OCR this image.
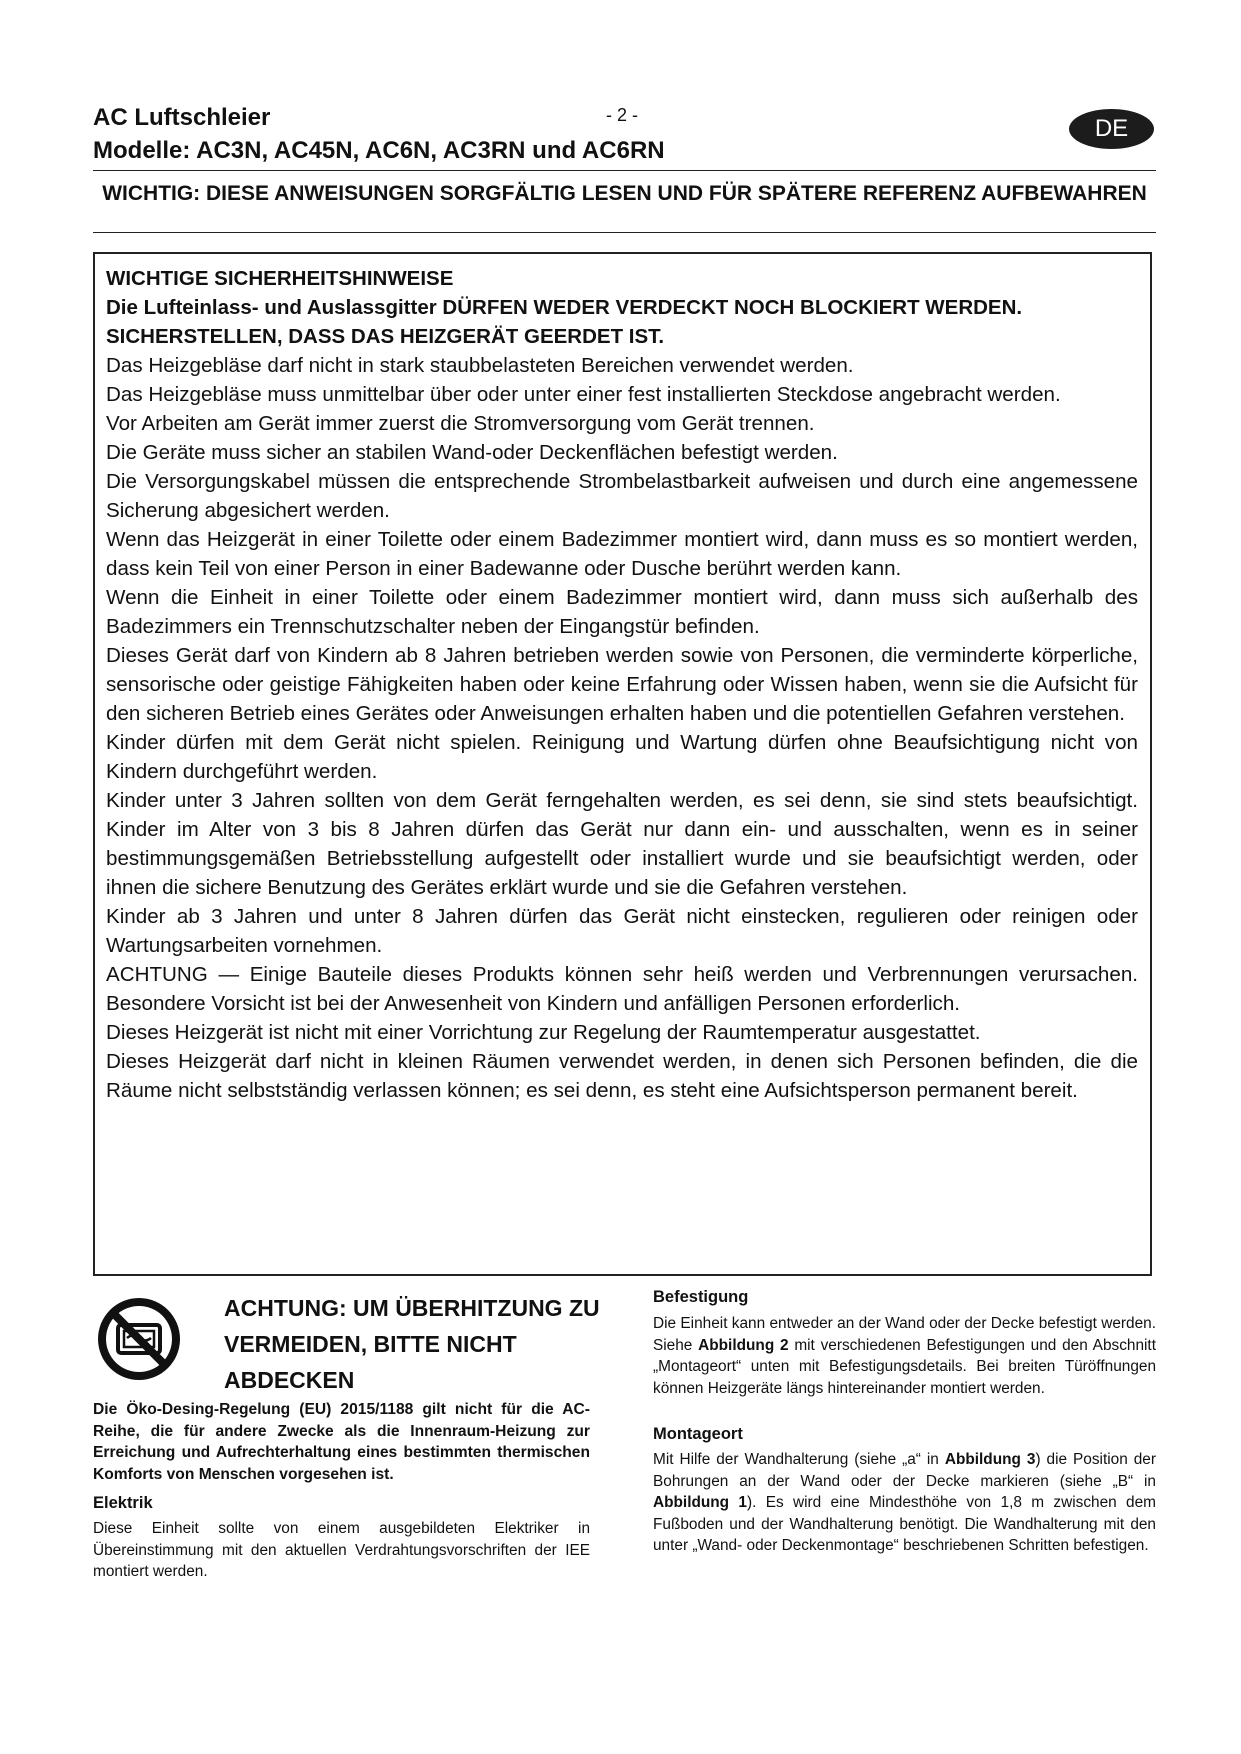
AC Luftschleier
Modelle: AC3N, AC45N, AC6N, AC3RN und AC6RN
- 2 -	DE
WICHTIG: DIESE ANWEISUNGEN SORGFÄLTIG LESEN UND FÜR SPÄTERE REFERENZ AUFBEWAHREN
WICHTIGE SICHERHEITSHINWEISE
Die Lufteinlass- und Auslassgitter DÜRFEN WEDER VERDECKT NOCH BLOCKIERT WERDEN.
SICHERSTELLEN, DASS DAS HEIZGERÄT GEERDET IST.
Das Heizgebläse darf nicht in stark staubbelasteten Bereichen verwendet werden.
Das Heizgebläse muss unmittelbar über oder unter einer fest installierten Steckdose angebracht werden.
Vor Arbeiten am Gerät immer zuerst die Stromversorgung vom Gerät trennen.
Die Geräte muss sicher an stabilen Wand-oder Deckenflächen befestigt werden.
Die Versorgungskabel müssen die entsprechende Strombelastbarkeit aufweisen und durch eine angemessene Sicherung abgesichert werden.
Wenn das Heizgerät in einer Toilette oder einem Badezimmer montiert wird, dann muss es so montiert werden, dass kein Teil von einer Person in einer Badewanne oder Dusche berührt werden kann.
Wenn die Einheit in einer Toilette oder einem Badezimmer montiert wird, dann muss sich außerhalb des Badezimmers ein Trennschutzschalter neben der Eingangstür befinden.
Dieses Gerät darf von Kindern ab 8 Jahren betrieben werden sowie von Personen, die verminderte körperliche, sensorische oder geistige Fähigkeiten haben oder keine Erfahrung oder Wissen haben, wenn sie die Aufsicht für den sicheren Betrieb eines Gerätes oder Anweisungen erhalten haben und die potentiellen Gefahren verstehen.
Kinder dürfen mit dem Gerät nicht spielen. Reinigung und Wartung dürfen ohne Beaufsichtigung nicht von Kindern durchgeführt werden.
Kinder unter 3 Jahren sollten von dem Gerät ferngehalten werden, es sei denn, sie sind stets beaufsichtigt. Kinder im Alter von 3 bis 8 Jahren dürfen das Gerät nur dann ein- und ausschalten, wenn es in seiner bestimmungsgemäßen Betriebsstellung aufgestellt oder installiert wurde und sie beaufsichtigt werden, oder ihnen die sichere Benutzung des Gerätes erklärt wurde und sie die Gefahren verstehen.
Kinder ab 3 Jahren und unter 8 Jahren dürfen das Gerät nicht einstecken, regulieren oder reinigen oder Wartungsarbeiten vornehmen.
ACHTUNG — Einige Bauteile dieses Produkts können sehr heiß werden und Verbrennungen verursachen. Besondere Vorsicht ist bei der Anwesenheit von Kindern und anfälligen Personen erforderlich.
Dieses Heizgerät ist nicht mit einer Vorrichtung zur Regelung der Raumtemperatur ausgestattet.
Dieses Heizgerät darf nicht in kleinen Räumen verwendet werden, in denen sich Personen befinden, die die Räume nicht selbstständig verlassen können; es sei denn, es steht eine Aufsichtsperson permanent bereit.
ACHTUNG: UM ÜBERHITZUNG ZU VERMEIDEN, BITTE NICHT ABDECKEN
Die Öko-Desing-Regelung (EU) 2015/1188 gilt nicht für die AC-Reihe, die für andere Zwecke als die Innenraum-Heizung zur Erreichung und Aufrechterhaltung eines bestimmten thermischen Komforts von Menschen vorgesehen ist.
Elektrik
Diese Einheit sollte von einem ausgebildeten Elektriker in Übereinstimmung mit den aktuellen Verdrahtungsvorschriften der IEE montiert werden.
Befestigung
Die Einheit kann entweder an der Wand oder der Decke befestigt werden. Siehe Abbildung 2 mit verschiedenen Befestigungen und den Abschnitt „Montageort“ unten mit Befestigungsdetails. Bei breiten Türöffnungen können Heizgeräte längs hintereinander montiert werden.
Montageort
Mit Hilfe der Wandhalterung (siehe „a“ in Abbildung 3) die Position der Bohrungen an der Wand oder der Decke markieren (siehe „B“ in Abbildung 1). Es wird eine Mindesthöhe von 1,8 m zwischen dem Fußboden und der Wandhalterung benötigt. Die Wandhalterung mit den unter „Wand- oder Deckenmontage“ beschriebenen Schritten befestigen.
